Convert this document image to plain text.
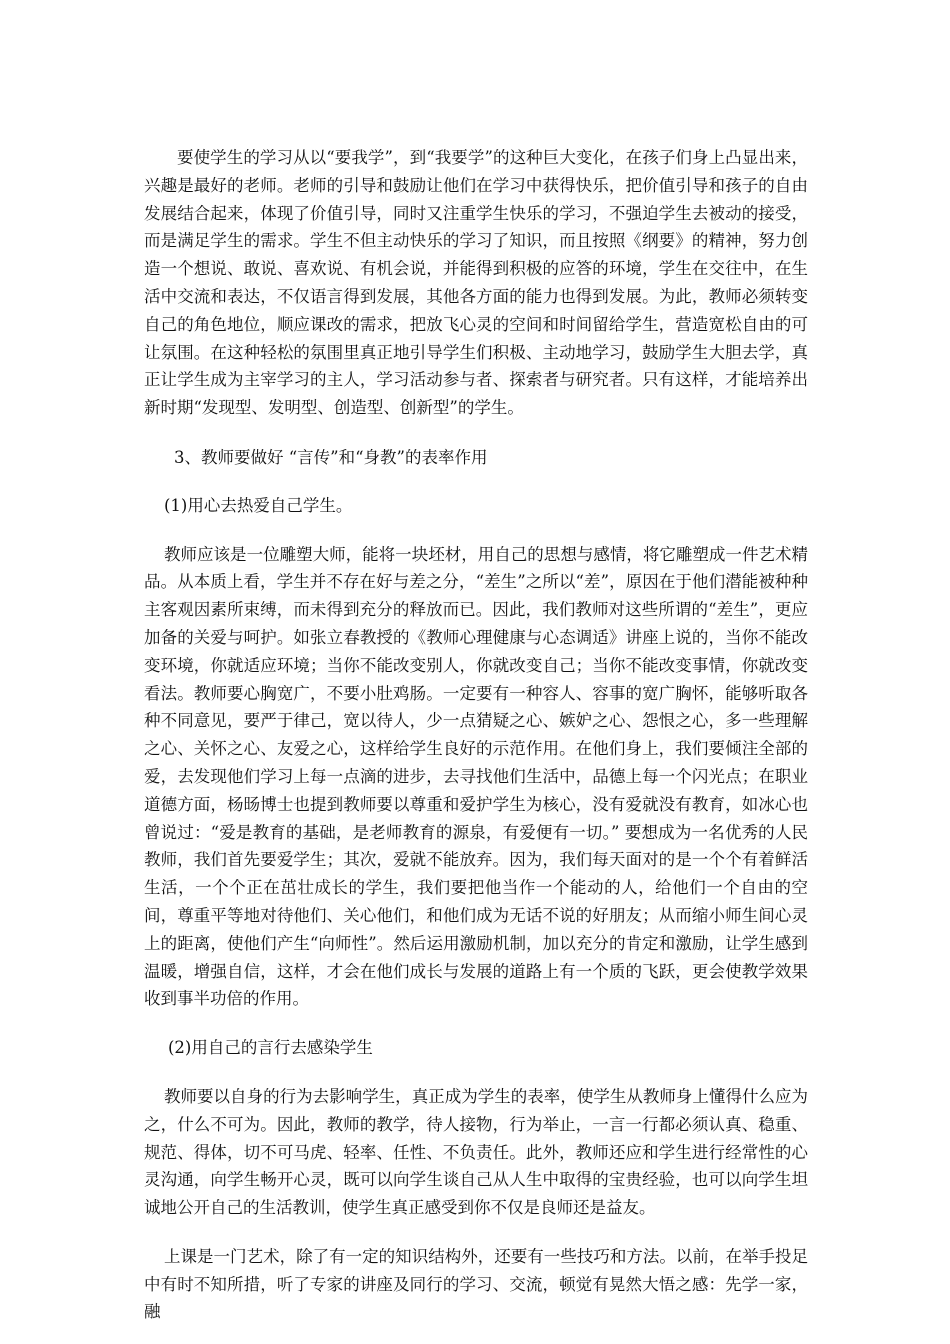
要使学生的学习从以“要我学”，到“我要学”的这种巨大变化，在孩子们身上凸显出来，兴趣是最好的老师。老师的引导和鼓励让他们在学习中获得快乐，把价值引导和孩子的自由发展结合起来，体现了价值引导，同时又注重学生快乐的学习，不强迫学生去被动的接受，而是满足学生的需求。学生不但主动快乐的学习了知识，而且按照《纲要》的精神，努力创造一个想说、敢说、喜欢说、有机会说，并能得到积极的应答的环境，学生在交往中，在生活中交流和表达，不仅语言得到发展，其他各方面的能力也得到发展。为此，教师必须转变自己的角色地位，顺应课改的需求，把放飞心灵的空间和时间留给学生，营造宽松自由的可让氛围。在这种轻松的氛围里真正地引导学生们积极、主动地学习，鼓励学生大胆去学，真正让学生成为主宰学习的主人，学习活动参与者、探索者与研究者。只有这样，才能培养出新时期“发现型、发明型、创造型、创新型”的学生。

3、教师要做好 “言传”和“身教”的表率作用

(1)用心去热爱自己学生。

教师应该是一位雕塑大师，能将一块坯材，用自己的思想与感情，将它雕塑成一件艺术精品。从本质上看，学生并不存在好与差之分，“差生”之所以“差”，原因在于他们潜能被种种主客观因素所束缚，而未得到充分的释放而已。因此，我们教师对这些所谓的“差生”，更应加备的关爱与呵护。如张立春教授的《教师心理健康与心态调适》讲座上说的，当你不能改变环境，你就适应环境；当你不能改变别人，你就改变自己；当你不能改变事情，你就改变看法。教师要心胸宽广，不要小肚鸡肠。一定要有一种容人、容事的宽广胸怀，能够听取各种不同意见，要严于律己，宽以待人，少一点猜疑之心、嫉妒之心、怨恨之心，多一些理解之心、关怀之心、友爱之心，这样给学生良好的示范作用。在他们身上，我们要倾注全部的爱，去发现他们学习上每一点滴的进步，去寻找他们生活中，品德上每一个闪光点；在职业道德方面，杨旸博士也提到教师要以尊重和爱护学生为核心，没有爱就没有教育，如冰心也曾说过：“爱是教育的基础，是老师教育的源泉，有爱便有一切。” 要想成为一名优秀的人民教师，我们首先要爱学生；其次，爱就不能放弃。因为，我们每天面对的是一个个有着鲜活生活，一个个正在茁壮成长的学生，我们要把他当作一个能动的人，给他们一个自由的空间，尊重平等地对待他们、关心他们，和他们成为无话不说的好朋友；从而缩小师生间心灵上的距离，使他们产生“向师性”。然后运用激励机制，加以充分的肯定和激励，让学生感到温暖，增强自信，这样，才会在他们成长与发展的道路上有一个质的飞跃，更会使教学效果收到事半功倍的作用。

(2)用自己的言行去感染学生

教师要以自身的行为去影响学生，真正成为学生的表率，使学生从教师身上懂得什么应为之，什么不可为。因此，教师的教学，待人接物，行为举止，一言一行都必须认真、稳重、规范、得体，切不可马虎、轻率、任性、不负责任。此外，教师还应和学生进行经常性的心灵沟通，向学生畅开心灵，既可以向学生谈自己从人生中取得的宝贵经验，也可以向学生坦诚地公开自己的生活教训，使学生真正感受到你不仅是良师还是益友。

上课是一门艺术，除了有一定的知识结构外，还要有一些技巧和方法。以前，在举手投足中有时不知所措，听了专家的讲座及同行的学习、交流，顿觉有晃然大悟之感：先学一家，融
